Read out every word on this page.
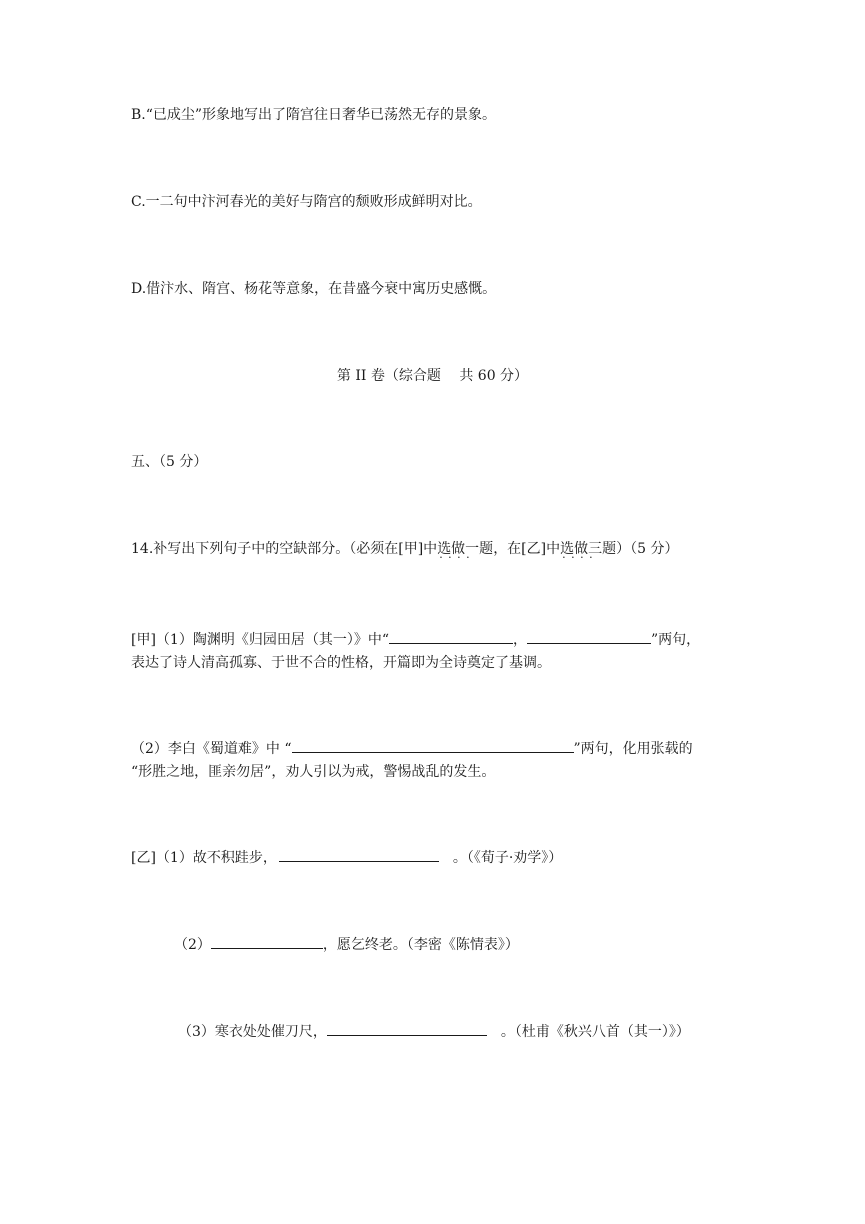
B.“已成尘”形象地写出了隋宫往日奢华已荡然无存的景象。
C.一二句中汴河春光的美好与隋宫的颓败形成鲜明对比。
D.借汴水、隋宫、杨花等意象，在昔盛今衰中寓历史感慨。
第 II 卷（综合题　 共 60 分）
五、（5 分）
14.补写出下列句子中的空缺部分。（必须在[甲]中选做一题 · · · ·，在[乙]中选做三题 · · · ·）（5 分）
[甲]（1）陶渊明《归园田居（其一）》中“	，	”两句，
表达了诗人清高孤寡、于世不合的性格，开篇即为全诗奠定了基调。
（2）李白《蜀道难》中 “	”两句，化用张载的
“形胜之地，匪亲勿居”，劝人引以为戒，警惕战乱的发生。
[乙]（1）故不积跬步，	。（《荀子·劝学》）
（2）	，愿乞终老。（李密《陈情表》）
（3）寒衣处处催刀尺，	。（杜甫《秋兴八首（其一）》）
